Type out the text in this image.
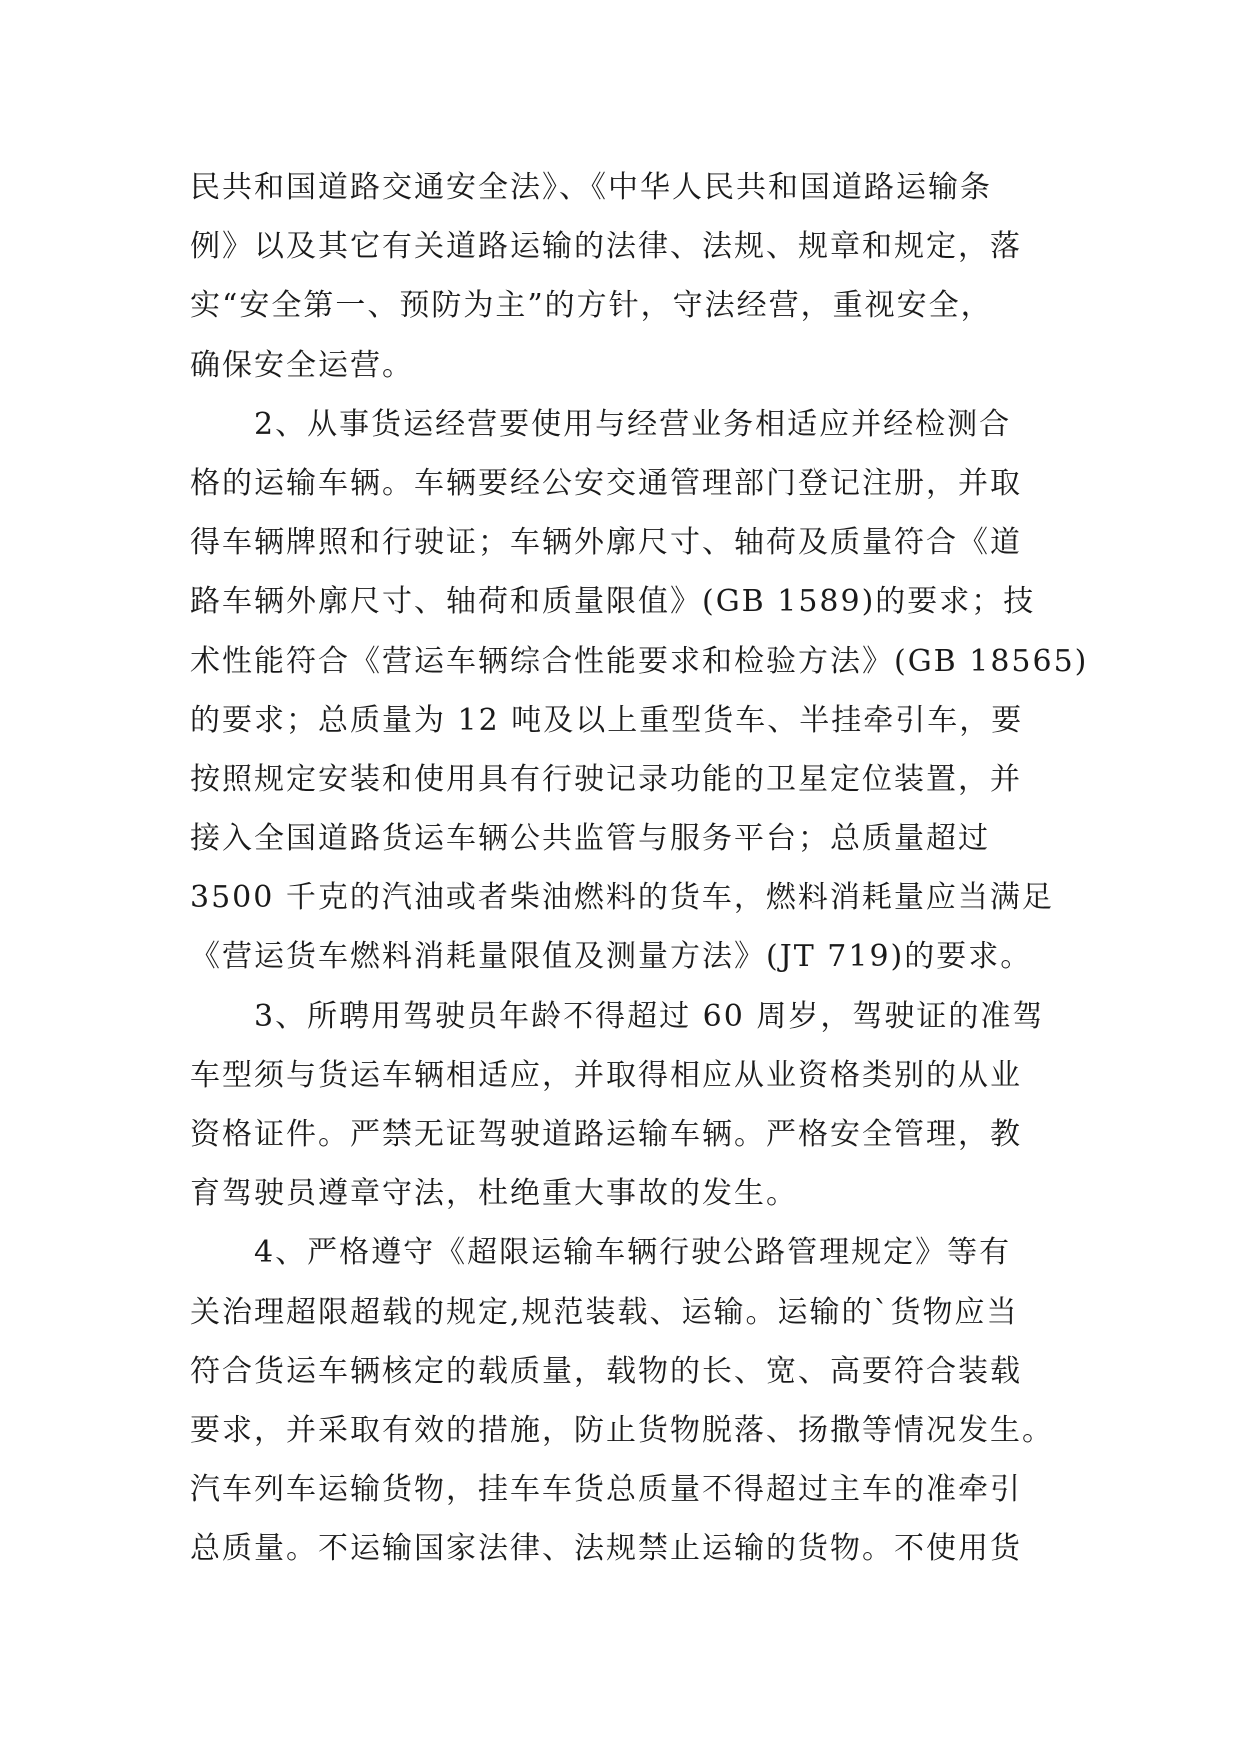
民共和国道路交通安全法》、《中华人民共和国道路运输条
例》以及其它有关道路运输的法律、法规、规章和规定，落
实“安全第一、预防为主”的方针，守法经营，重视安全，
确保安全运营。
2、从事货运经营要使用与经营业务相适应并经检测合
格的运输车辆。车辆要经公安交通管理部门登记注册，并取
得车辆牌照和行驶证；车辆外廓尺寸、轴荷及质量符合《道
路车辆外廓尺寸、轴荷和质量限值》(GB 1589)的要求；技
术性能符合《营运车辆综合性能要求和检验方法》(GB 18565)
的要求；总质量为 12 吨及以上重型货车、半挂牵引车，要
按照规定安装和使用具有行驶记录功能的卫星定位装置，并
接入全国道路货运车辆公共监管与服务平台；总质量超过
3500 千克的汽油或者柴油燃料的货车，燃料消耗量应当满足
《营运货车燃料消耗量限值及测量方法》(JT 719)的要求。
3、所聘用驾驶员年龄不得超过 60 周岁，驾驶证的准驾
车型须与货运车辆相适应，并取得相应从业资格类别的从业
资格证件。严禁无证驾驶道路运输车辆。严格安全管理，教
育驾驶员遵章守法，杜绝重大事故的发生。
4、严格遵守《超限运输车辆行驶公路管理规定》等有
关治理超限超载的规定,规范装载、运输。运输的`货物应当
符合货运车辆核定的载质量，载物的长、宽、高要符合装载
要求，并采取有效的措施，防止货物脱落、扬撒等情况发生。
汽车列车运输货物，挂车车货总质量不得超过主车的准牵引
总质量。不运输国家法律、法规禁止运输的货物。不使用货
